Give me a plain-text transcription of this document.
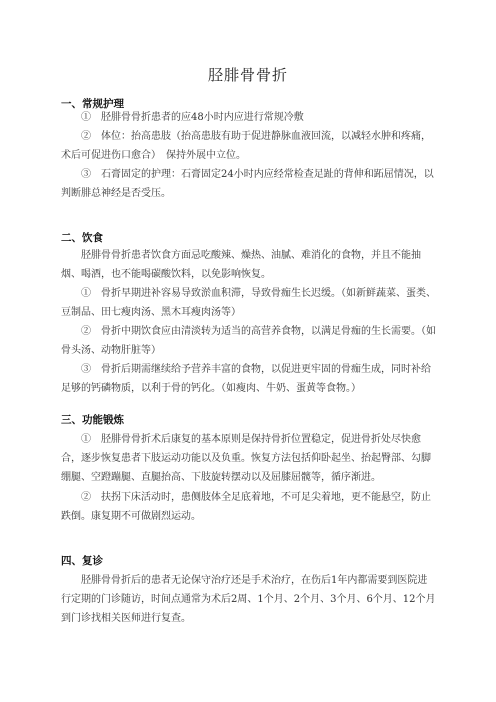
胫腓骨骨折
一、常规护理
①　胫腓骨骨折患者的应48小时内应进行常规冷敷
②　体位：抬高患肢（抬高患肢有助于促进静脉血液回流，以减轻水肿和疼痛，术后可促进伤口愈合）　保持外展中立位。
③　石膏固定的护理：石膏固定24小时内应经常检查足趾的背伸和跖屈情况，以判断腓总神经是否受压。
二、饮食
胫腓骨骨折患者饮食方面忌吃酸辣、燥热、油腻、难消化的食物，并且不能抽烟、喝酒，也不能喝碳酸饮料，以免影响恢复。
①　骨折早期进补容易导致淤血积滞，导致骨痂生长迟缓。（如新鲜蔬菜、蛋类、豆制品、田七瘦肉汤、黑木耳瘦肉汤等）
②　骨折中期饮食应由清淡转为适当的高营养食物，以满足骨痂的生长需要。（如骨头汤、动物肝脏等）
③　骨折后期需继续给予营养丰富的食物，以促进更牢固的骨痂生成，同时补给足够的钙磷物质，以利于骨的钙化。（如瘦肉、牛奶、蛋黄等食物。）
三、功能锻炼
①　胫腓骨骨折术后康复的基本原则是保持骨折位置稳定，促进骨折处尽快愈合，逐步恢复患者下肢运动功能以及负重。恢复方法包括仰卧起坐、抬起臀部、勾脚绷腿、空蹬蹦腿、直腿抬高、下肢旋转摆动以及屈膝屈髋等，循序渐进。
②　扶拐下床活动时，患侧肢体全足底着地，不可足尖着地，更不能悬空，防止跌倒。康复期不可做剧烈运动。
四、复诊
胫腓骨骨折后的患者无论保守治疗还是手术治疗，在伤后1年内都需要到医院进行定期的门诊随访，时间点通常为术后2周、1个月、2个月、3个月、6个月、12个月到门诊找相关医师进行复查。
